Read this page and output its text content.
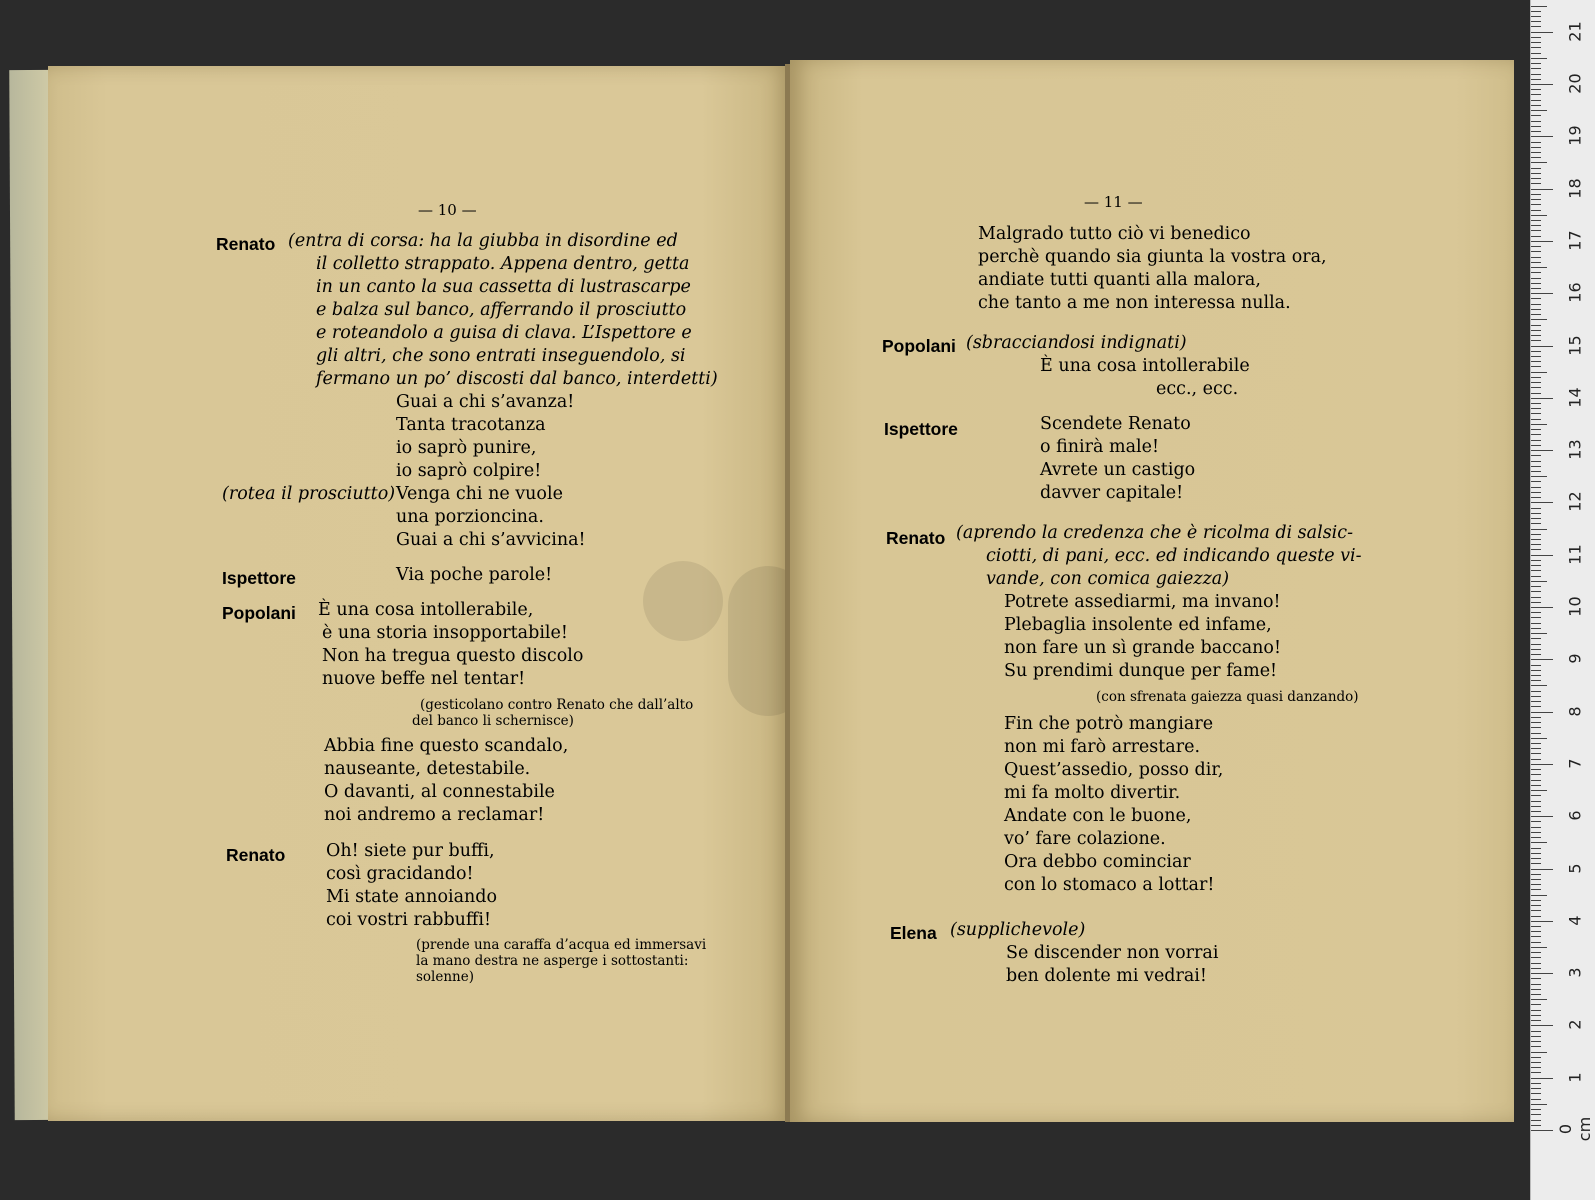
— 10 —
Renato (entra di corsa: ha la giubba in disordine ed
il colletto strappato. Appena dentro, getta
in un canto la sua cassetta di lustrascarpe
e balza sul banco, afferrando il prosciutto
e roteandolo a guisa di clava. L’Ispettore e
gli altri, che sono entrati inseguendolo, si
fermano un po’ discosti dal banco, interdetti)
Guai a chi s’avanza!
Tanta tracotanza
io saprò punire,
io saprò colpire!
(rotea il prosciutto) Venga chi ne vuole
una porzioncina.
Guai a chi s’avvicina!
Ispettore	Via poche parole!
Popolani È una cosa intollerabile,
è una storia insopportabile!
Non ha tregua questo discolo
nuove beffe nel tentar!
(gesticolano contro Renato che dall’alto
del banco li schernisce)
Abbia fine questo scandalo,
nauseante, detestabile.
O davanti, al connestabile
noi andremo a reclamar!
Renato Oh! siete pur buffi,
così gracidando!
Mi state annoiando
coi vostri rabbuffi!
(prende una caraffa d’acqua ed immersavi
la mano destra ne asperge i sottostanti:
solenne)
— 11 —
Malgrado tutto ciò vi benedico
perchè quando sia giunta la vostra ora,
andiate tutti quanti alla malora,
che tanto a me non interessa nulla.
Popolani (sbracciandosi indignati)
È una cosa intollerabile
ecc., ecc.
Ispettore	Scendete Renato
o finirà male!
Avrete un castigo
davver capitale!
Renato (aprendo la credenza che è ricolma di salsic-
ciotti, di pani, ecc. ed indicando queste vi-
vande, con comica gaiezza)
Potrete assediarmi, ma invano!
Plebaglia insolente ed infame,
non fare un sì grande baccano!
Su prendimi dunque per fame!
(con sfrenata gaiezza quasi danzando)
Fin che potrò mangiare
non mi farò arrestare.
Quest’assedio, posso dir,
mi fa molto divertir.
Andate con le buone,
vo’ fare colazione.
Ora debbo cominciar
con lo stomaco a lottar!
Elena (supplichevole)
Se discender non vorrai
ben dolente mi vedrai!
0 cm
1
2
3
4
5
6
7
8
9
10
11
12
13
14
15
16
17
18
19
20
21
